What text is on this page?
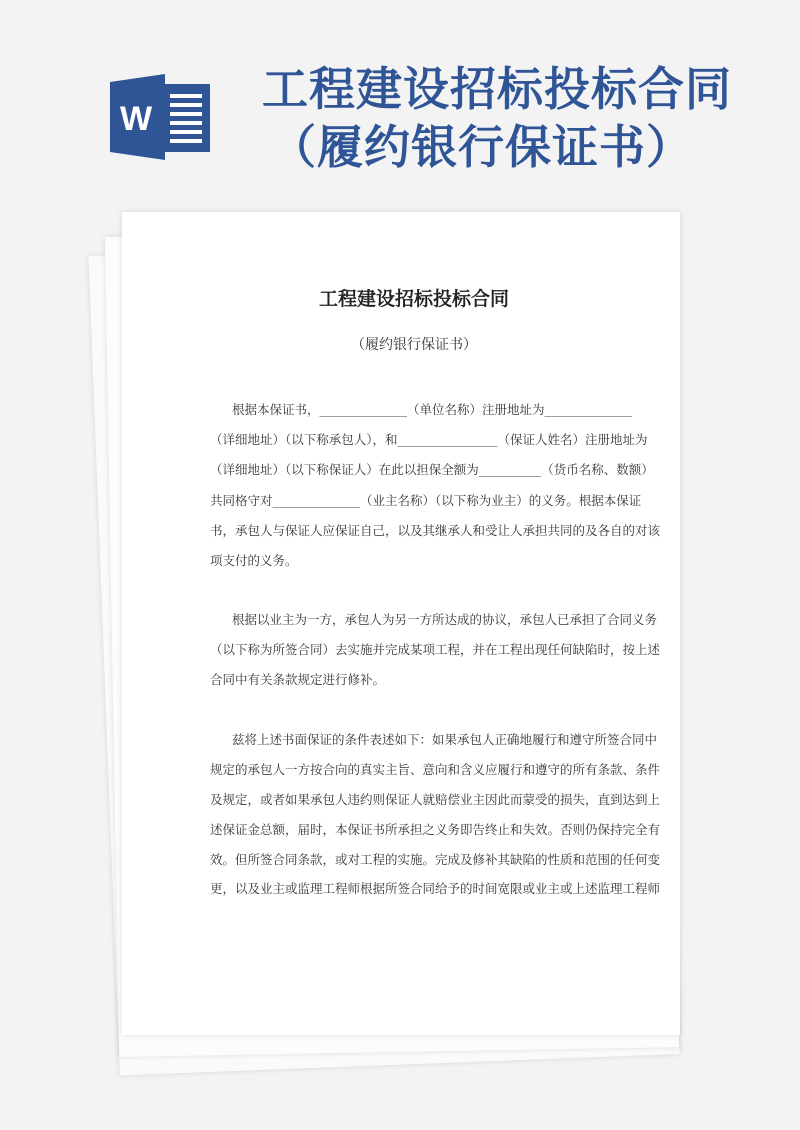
W
工程建设招标投标合同
（履约银行保证书）
工程建设招标投标合同
（履约银行保证书）
根据本保证书，______________（单位名称）注册地址为______________
（详细地址）（以下称承包人），和________________（保证人姓名）注册地址为
（详细地址）（以下称保证人）在此以担保全额为__________（货币名称、数额）
共同格守对______________（业主名称）（以下称为业主）的义务。根据本保证
书，承包人与保证人应保证自己，以及其继承人和受让人承担共同的及各自的对该
项支付的义务。
根据以业主为一方，承包人为另一方所达成的协议，承包人已承担了合同义务
（以下称为所签合同）去实施并完成某项工程，并在工程出现任何缺陷时，按上述
合同中有关条款规定进行修补。
兹将上述书面保证的条件表述如下：如果承包人正确地履行和遵守所签合同中
规定的承包人一方按合向的真实主旨、意向和含义应履行和遵守的所有条款、条件
及规定，或者如果承包人违约则保证人就赔偿业主因此而蒙受的损失，直到达到上
述保证金总额，届时，本保证书所承担之义务即告终止和失效。否则仍保持完全有
效。但所签合同条款，或对工程的实施。完成及修补其缺陷的性质和范围的任何变
更，以及业主或监理工程师根据所签合同给予的时间宽限或业主或上述监理工程师
